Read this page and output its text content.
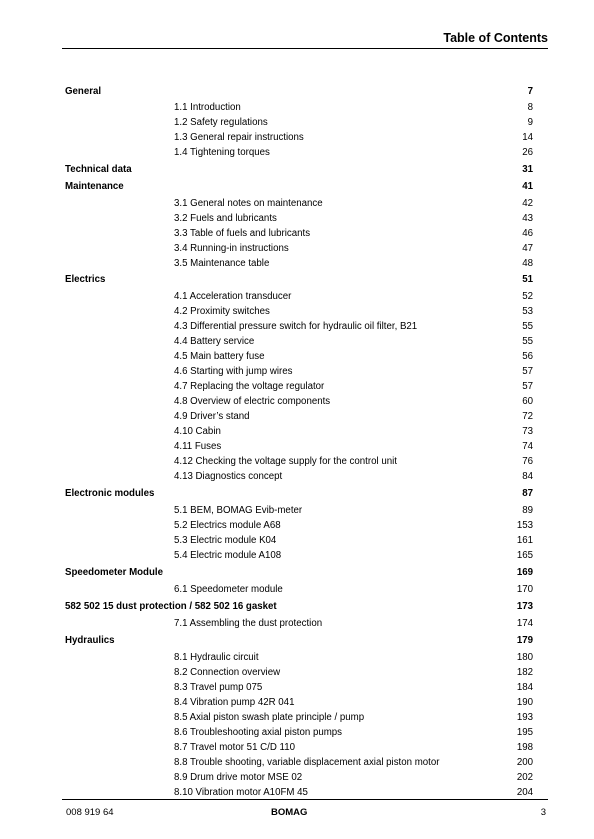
Table of Contents
General	7
1.1 Introduction	8
1.2 Safety regulations	9
1.3 General repair instructions	14
1.4 Tightening torques	26
Technical data	31
Maintenance	41
3.1 General notes on maintenance	42
3.2 Fuels and lubricants	43
3.3 Table of fuels and lubricants	46
3.4 Running-in instructions	47
3.5 Maintenance table	48
Electrics	51
4.1 Acceleration transducer	52
4.2 Proximity switches	53
4.3 Differential pressure switch for hydraulic oil filter, B21	55
4.4 Battery service	55
4.5 Main battery fuse	56
4.6 Starting with jump wires	57
4.7 Replacing the voltage regulator	57
4.8 Overview of electric components	60
4.9 Driver’s stand	72
4.10 Cabin	73
4.11 Fuses	74
4.12 Checking the voltage supply for the control unit	76
4.13 Diagnostics concept	84
Electronic modules	87
5.1 BEM, BOMAG Evib-meter	89
5.2 Electrics module A68	153
5.3 Electric module K04	161
5.4 Electric module A108	165
Speedometer Module	169
6.1 Speedometer module	170
582 502 15 dust protection / 582 502 16 gasket	173
7.1 Assembling the dust protection	174
Hydraulics	179
8.1 Hydraulic circuit	180
8.2 Connection overview	182
8.3 Travel pump 075	184
8.4 Vibration pump 42R 041	190
8.5 Axial piston swash plate principle / pump	193
8.6 Troubleshooting axial piston pumps	195
8.7 Travel motor 51 C/D 110	198
8.8 Trouble shooting, variable displacement axial piston motor	200
8.9 Drum drive motor MSE 02	202
8.10 Vibration motor A10FM 45	204
008 919 64	BOMAG	3
